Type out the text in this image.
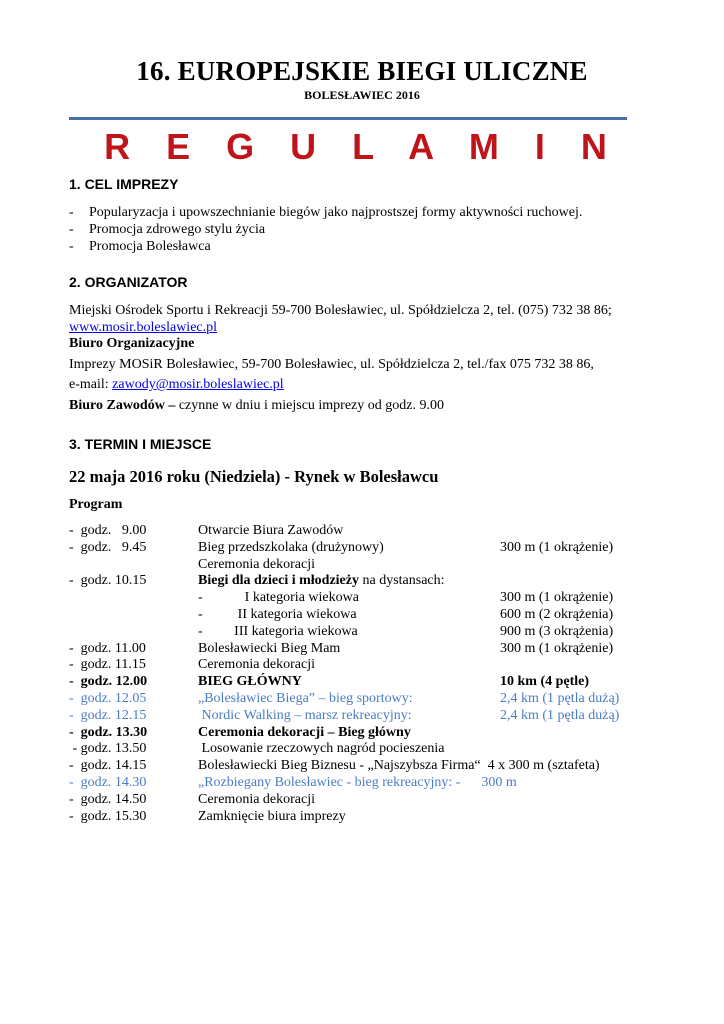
16. EUROPEJSKIE BIEGI ULICZNE
BOLESŁAWIEC 2016
R E G U L A M I N
1. CEL IMPREZY
- Popularyzacja i upowszechnianie biegów jako najprostszej formy aktywności ruchowej.
- Promocja zdrowego stylu życia
- Promocja Bolesławca
2. ORGANIZATOR
Miejski Ośrodek Sportu i Rekreacji 59-700 Bolesławiec, ul. Spółdzielcza 2, tel. (075) 732 38 86;
www.mosir.boleslawiec.pl
Biuro Organizacyjne
Imprezy MOSiR Bolesławiec, 59-700 Bolesławiec, ul. Spółdzielcza 2, tel./fax 075 732 38 86,
e-mail: zawody@mosir.boleslawiec.pl
Biuro Zawodów – czynne w dniu i miejscu imprezy od godz. 9.00
3. TERMIN I MIEJSCE
22 maja 2016 roku (Niedziela) - Rynek w Bolesławcu
Program
-  godz.   9.00	Otwarcie Biura Zawodów
-  godz.   9.45	Bieg przedszkolaka (drużynowy)	300 m (1 okrążenie)
Ceremonia dekoracji
-  godz. 10.15	Biegi dla dzieci i młodzieży na dystansach:
-            I kategoria wiekowa	300 m (1 okrążenie)
-          II kategoria wiekowa	600 m (2 okrążenia)
-         III kategoria wiekowa	900 m (3 okrążenia)
-  godz. 11.00	Bolesławiecki Bieg Mam	300 m (1 okrążenie)
-  godz. 11.15	Ceremonia dekoracji
-  godz. 12.00	BIEG GŁÓWNY	10 km (4 pętle)
-  godz. 12.05	„Bolesławiec Biega” – bieg sportowy:	2,4 km (1 pętla dużą)
-  godz. 12.15	Nordic Walking – marsz rekreacyjny:	2,4 km (1 pętla dużą)
-  godz. 13.30	Ceremonia dekoracji – Bieg główny
- godz. 13.50	Losowanie rzeczowych nagród pocieszenia
-  godz. 14.15	Bolesławiecki Bieg Biznesu - „Najszybsza Firma“  4 x 300 m (sztafeta)
-  godz. 14.30	„Rozbiegany Bolesławiec - bieg rekreacyjny: -      300 m
-  godz. 14.50	Ceremonia dekoracji
-  godz. 15.30	Zamknięcie biura imprezy
